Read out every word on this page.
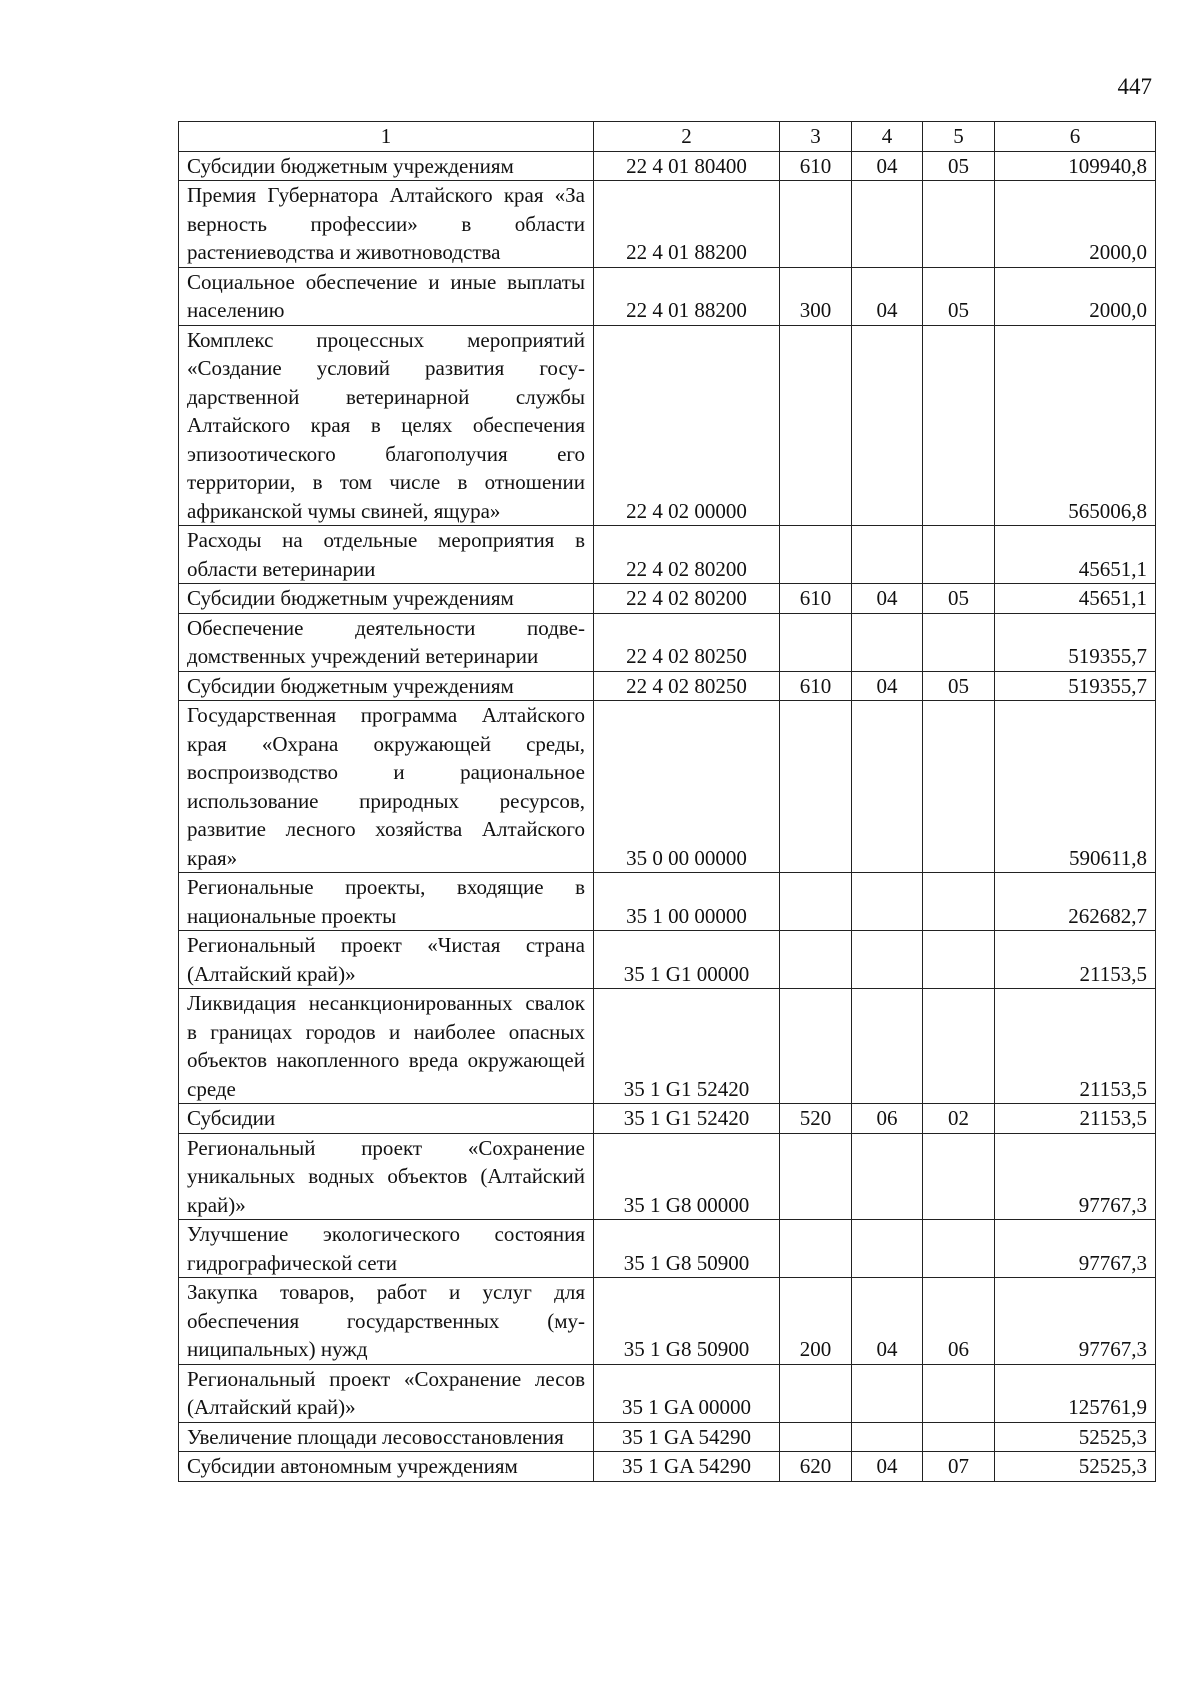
447
1	2	3	4	5	6
Субсидии бюджетным учреждениям	22 4 01 80400	610	04	05	109940,8
Премия Губернатора Алтайского края «За верность профессии» в области растениеводства и животноводства	22 4 01 88200				2000,0
Социальное обеспечение и иные выплаты населению	22 4 01 88200	300	04	05	2000,0
Комплекс процессных мероприятий «Создание условий развития государственной ветеринарной службы Алтайского края в целях обеспечения эпизоотического благополучия его территории, в том числе в отношении африканской чумы свиней, ящура»	22 4 02 00000				565006,8
Расходы на отдельные мероприятия в области ветеринарии	22 4 02 80200				45651,1
Субсидии бюджетным учреждениям	22 4 02 80200	610	04	05	45651,1
Обеспечение деятельности подведомственных учреждений ветеринарии	22 4 02 80250				519355,7
Субсидии бюджетным учреждениям	22 4 02 80250	610	04	05	519355,7
Государственная программа Алтайского края «Охрана окружающей среды, воспроизводство и рациональное использование природных ресурсов, развитие лесного хозяйства Алтайского края»	35 0 00 00000				590611,8
Региональные проекты, входящие в национальные проекты	35 1 00 00000				262682,7
Региональный проект «Чистая страна (Алтайский край)»	35 1 G1 00000				21153,5
Ликвидация несанкционированных свалок в границах городов и наиболее опасных объектов накопленного вреда окружающей среде	35 1 G1 52420				21153,5
Субсидии	35 1 G1 52420	520	06	02	21153,5
Региональный проект «Сохранение уникальных водных объектов (Алтайский край)»	35 1 G8 00000				97767,3
Улучшение экологического состояния гидрографической сети	35 1 G8 50900				97767,3
Закупка товаров, работ и услуг для обеспечения государственных (муниципальных) нужд	35 1 G8 50900	200	04	06	97767,3
Региональный проект «Сохранение лесов (Алтайский край)»	35 1 GA 00000				125761,9
Увеличение площади лесовосстановления	35 1 GA 54290				52525,3
Субсидии автономным учреждениям	35 1 GA 54290	620	04	07	52525,3
